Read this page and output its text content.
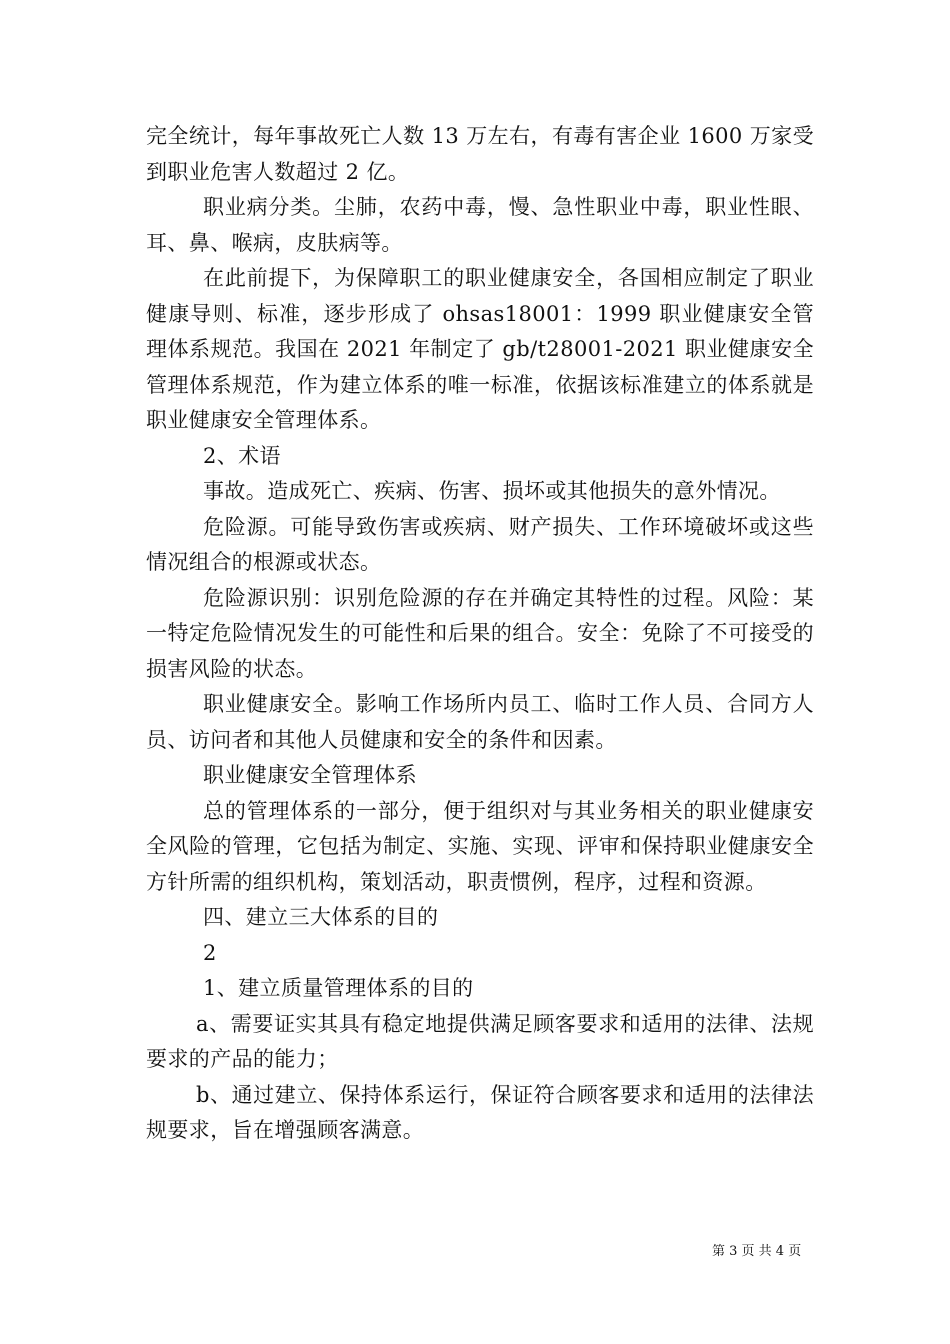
完全统计，每年事故死亡人数 13 万左右，有毒有害企业 1600 万家受到职业危害人数超过 2 亿。

职业病分类。尘肺，农药中毒，慢、急性职业中毒，职业性眼、耳、鼻、喉病，皮肤病等。

在此前提下，为保障职工的职业健康安全，各国相应制定了职业健康导则、标准，逐步形成了 ohsas18001：1999 职业健康安全管理体系规范。我国在 2021 年制定了 gb/t28001-2021 职业健康安全管理体系规范，作为建立体系的唯一标准，依据该标准建立的体系就是职业健康安全管理体系。

2、术语

事故。造成死亡、疾病、伤害、损坏或其他损失的意外情况。

危险源。可能导致伤害或疾病、财产损失、工作环境破坏或这些情况组合的根源或状态。

危险源识别：识别危险源的存在并确定其特性的过程。风险：某一特定危险情况发生的可能性和后果的组合。安全：免除了不可接受的损害风险的状态。

职业健康安全。影响工作场所内员工、临时工作人员、合同方人员、访问者和其他人员健康和安全的条件和因素。

职业健康安全管理体系

总的管理体系的一部分，便于组织对与其业务相关的职业健康安全风险的管理，它包括为制定、实施、实现、评审和保持职业健康安全方针所需的组织机构，策划活动，职责惯例，程序，过程和资源。

四、建立三大体系的目的

2

1、建立质量管理体系的目的

a、需要证实其具有稳定地提供满足顾客要求和适用的法律、法规要求的产品的能力；

b、通过建立、保持体系运行，保证符合顾客要求和适用的法律法规要求，旨在增强顾客满意。

第 3 页 共 4 页
